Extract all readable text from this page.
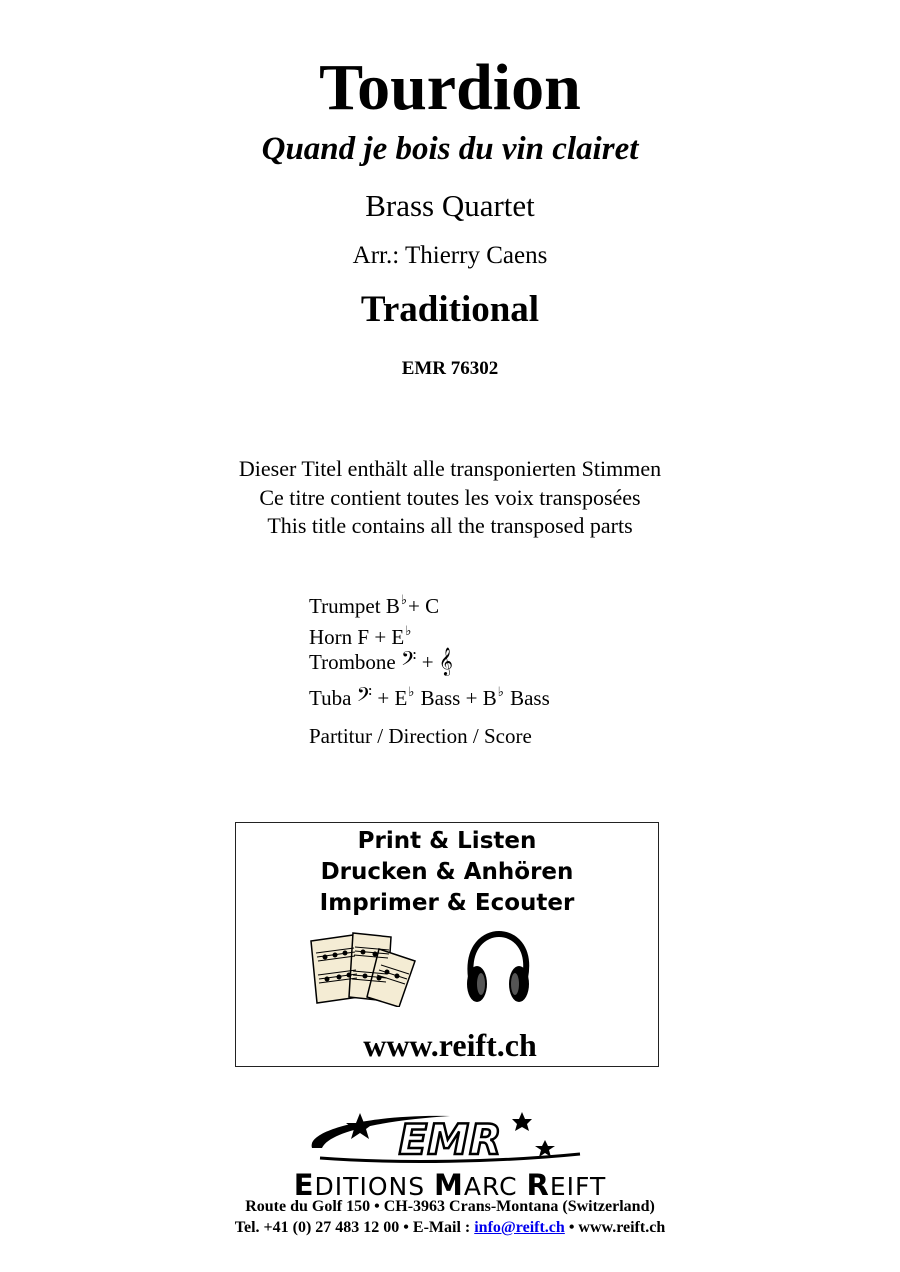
Tourdion
Quand je bois du vin clairet
Brass Quartet
Arr.: Thierry Caens
Traditional
EMR 76302
Dieser Titel enthält alle transponierten Stimmen
Ce titre contient toutes les voix transposées
This title contains all the transposed parts
Trumpet B♭+ C
Horn F + E♭
Trombone 𝄢 + 𝄞
Tuba 𝄢 + E♭ Bass + B♭ Bass
Partitur / Direction / Score
Print & Listen
Drucken & Anhören
Imprimer & Ecouter
www.reift.ch
EMR
EDITIONS MARC REIFT
Route du Golf 150 • CH-3963 Crans-Montana (Switzerland)
Tel. +41 (0) 27 483 12 00 • E-Mail : info@reift.ch • www.reift.ch
